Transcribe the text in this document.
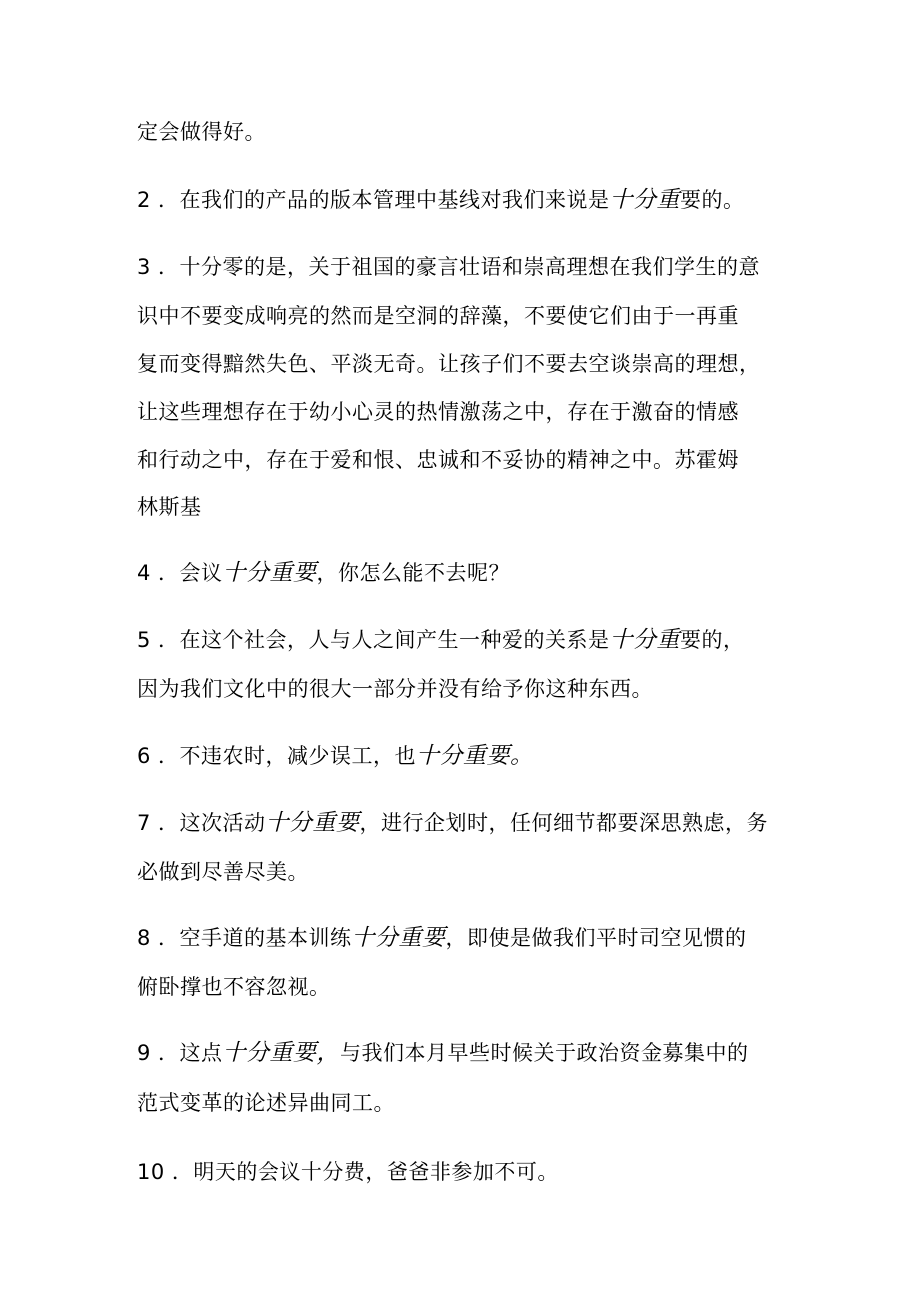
定会做得好。
2 ．在我们的产品的版本管理中基线对我们来说是十分重要的。
3 ．十分零的是，关于祖国的豪言壮语和崇高理想在我们学生的意
识中不要变成响亮的然而是空洞的辞藻，不要使它们由于一再重
复而变得黯然失色、平淡无奇。让孩子们不要去空谈崇高的理想，
让这些理想存在于幼小心灵的热情激荡之中，存在于激奋的情感
和行动之中，存在于爱和恨、忠诚和不妥协的精神之中。苏霍姆
林斯基
4 ．会议十分重要，你怎么能不去呢？
5 ．在这个社会，人与人之间产生一种爱的关系是十分重要的，
因为我们文化中的很大一部分并没有给予你这种东西。
6 ．不违农时，减少误工，也十分重要。
7 ．这次活动十分重要，进行企划时，任何细节都要深思熟虑，务
必做到尽善尽美。
8 ．空手道的基本训练十分重要，即使是做我们平时司空见惯的
俯卧撑也不容忽视。
9 ．这点十分重要，与我们本月早些时候关于政治资金募集中的
范式变革的论述异曲同工。
10 ．明天的会议十分费，爸爸非参加不可。
